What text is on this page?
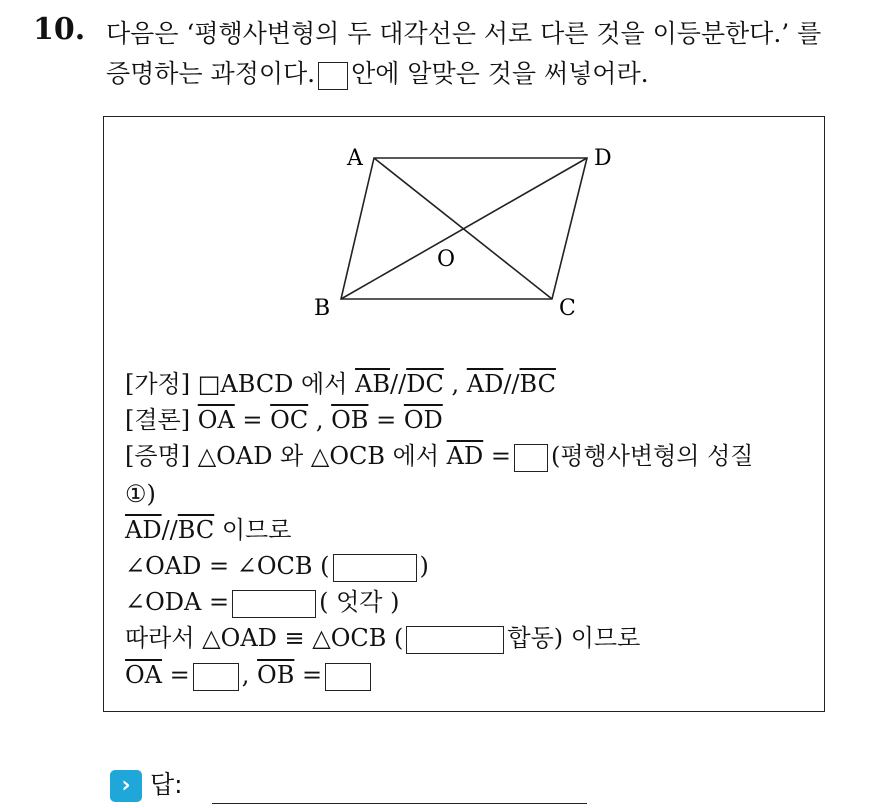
10. 다음은 ‘평행사변형의 두 대각선은 서로 다른 것을 이등분한다.’ 를
증명하는 과정이다. 안에 알맞은 것을 써넣어라.
A	D
O
B	C
[가정] □ABCD 에서 $\overline{AB}//\overline{DC}$ , $\overline{AD}//\overline{BC}$
[결론] $\overline{OA} = \overline{OC}$ , $\overline{OB} = \overline{OD}$
[증명] △OAD 와 △OCB 에서 $\overline{AD}$ = (평행사변형의 성질
①)
$\overline{AD}//\overline{BC}$ 이므로
∠OAD = ∠OCB (	)
∠ODA =	( 엇각 )
따라서 △OAD ≡ △OCB (	합동) 이므로
$\overline{OA}$ = , $\overline{OB}$ =
› 답:
